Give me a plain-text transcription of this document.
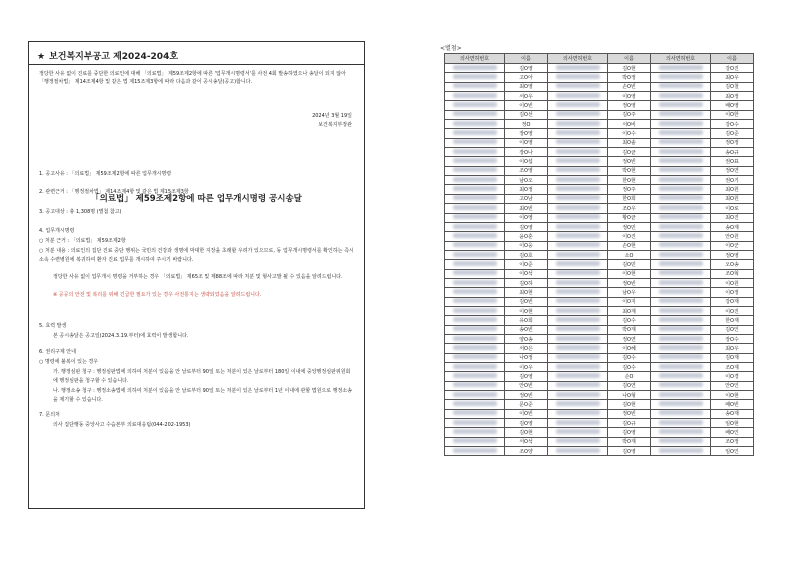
★ 보건복지부공고 제2024-204호
정당한 사유 없이 진료를 중단한 의료인에 대해 「의료법」 제59조제2항에 따른 '업무개시명령서'를 사전 4회 발송하였으나 송달이 되지 않아 「행정절차법」 제14조제4항 및 같은 법 제15조제3항에 따라 다음과 같이 공시송달(공고)합니다.
2024년 3월 19일
보건복지부장관
「의료법」 제59조제2항에 따른 업무개시명령 공시송달
1. 공고사유 : 「의료법」 제59조제2항에 따른 업무개시명령
2. 관련근거 : 「행정절차법」 제14조제4항 및 같은 법 제15조제3항
3. 공고대상 : 총 1,308명 (별첨 참고)
4. 업무개시명령
○ 처분 근거 : 「의료법」 제59조제2항
○ 처분 내용 : 의료인의 집단 진료 중단 행위는 국민의 건강과 생명에 막대한 지장을 초래할 우려가 있으므로, 동 업무개시명령서를 확인하는 즉시 소속 수련병원에 복귀하여 환자 진료 업무를 개시하여 주시기 바랍니다.
정당한 사유 없이 업무개시 명령을 거부하는 경우 「의료법」 제65조 및 제88조에 따라 처분 및 형사고발 될 수 있음을 알려드립니다.
※ 공공의 안전 및 복리를 위해 긴급한 필요가 있는 경우 사전통지는 생략되었음을 알려드립니다.
5. 효력 발생
본 공시송달은 공고일(2024.3.19.부터)에 효력이 발생합니다.
6. 권리구제 안내
○ 명령에 불복이 있는 경우
가. 행정심판 청구 : 행정심판법에 의하여 처분이 있음을 안 날로부터 90일 또는 처분이 있은 날로부터 180일 이내에 중앙행정심판위원회에 행정심판을 청구할 수 있습니다.
나. 행정소송 청구 : 행정소송법에 의하여 처분이 있음을 안 날로부터 90일 또는 처분이 있은 날로부터 1년 이내에 관할 법원으로 행정소송을 제기할 수 있습니다.
7. 문의처
의사 집단행동 중앙사고 수습본부 의료대응팀(044-202-1953)
<별첨>
의사면허번호	이름	의사면허번호	이름	의사면허번호	이름
	김O영		김O현		강O진
	고O아		박O정		최O우
	최O영		손O빈		김O철
	서O우		이O영		최O정
	이O빈		정O영		배O영
	김O선		김O주		이O한
	정O		서O비		강O수
	장O영		이O수		김O준
	이O영		최O솔		정O정
	장O나		김O균		송O규
	이O섭		정O빈		권O표
	조O영		박O현		정O연
	남O오		한O현		권O기
	최O정		정O주		최O원
	고O남		한O희		최O원
	최O빈		조O우		이O로
	이O영		황O균		최O진
	김O영		정O민		송O재
	윤O훈		이O진		안O원
	이O웅		손O현		이O군
	김O호		소O		정O영
	이O준		김O민		오O송
	이O석		이O현		조O혁
	김O하		정O빈		이O원
	최O현		남O우		이O정
	김O빈		이O지		강O재
	이O현		최O재		이O진
	유O희		김O수		한O재
	송O빈		박O재		김O인
	양O송		정O연		장O수
	서O은		이O혜		최O우
	나O정		김O수		김O재
	이O우		김O수		조O재
	김O영		손O		이O경
	안O빈		김O연		안O인
	정O빈		나O형		이O현
	문O준		김O현		배O빈
	이O빈		정O빈		송O재
	김O영		김O규		임O현
	김O현		김O영		배O인
	서O석		박O재		조O정
	조O양		김O영		임O인
